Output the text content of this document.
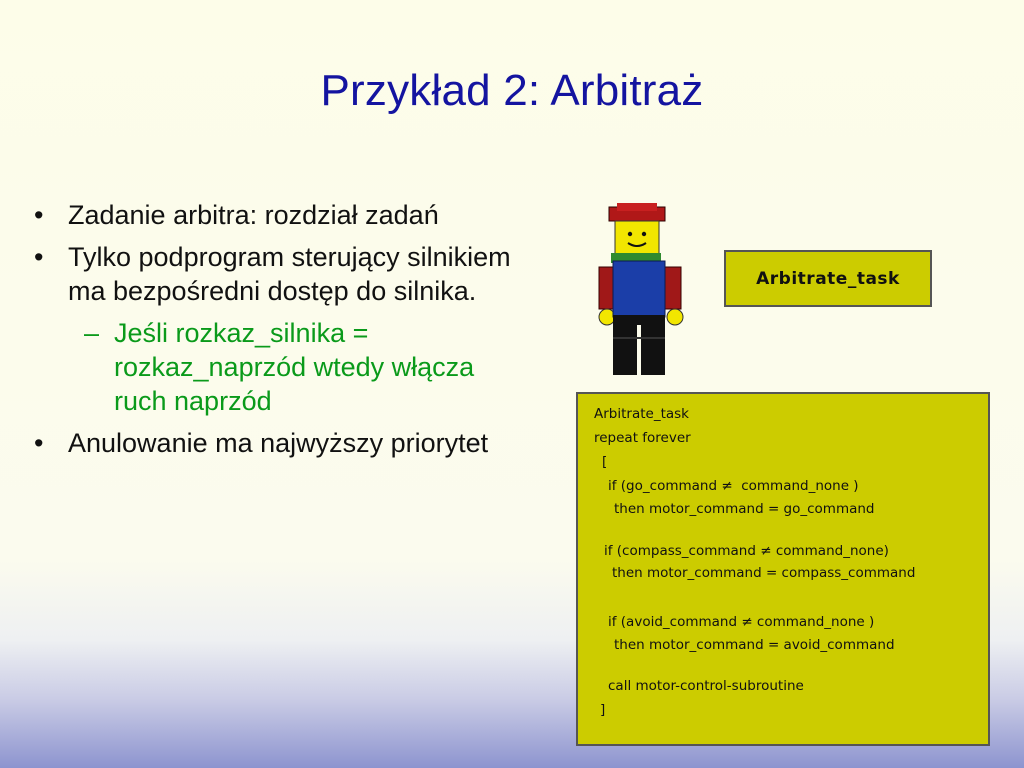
Przykład 2: Arbitraż
• Zadanie arbitra: rozdział zadań
• Tylko podprogram sterujący silnikiem ma bezpośredni dostęp do silnika.
– Jeśli rozkaz_silnika = rozkaz_naprzód wtedy włącza ruch naprzód
• Anulowanie ma najwyższy priorytet
Arbitrate_task
Arbitrate_task
repeat forever
[
if (go_command ≠  command_none )
then motor_command = go_command
if (compass_command ≠ command_none)
then motor_command = compass_command
if (avoid_command ≠ command_none )
then motor_command = avoid_command
call motor-control-subroutine
]
